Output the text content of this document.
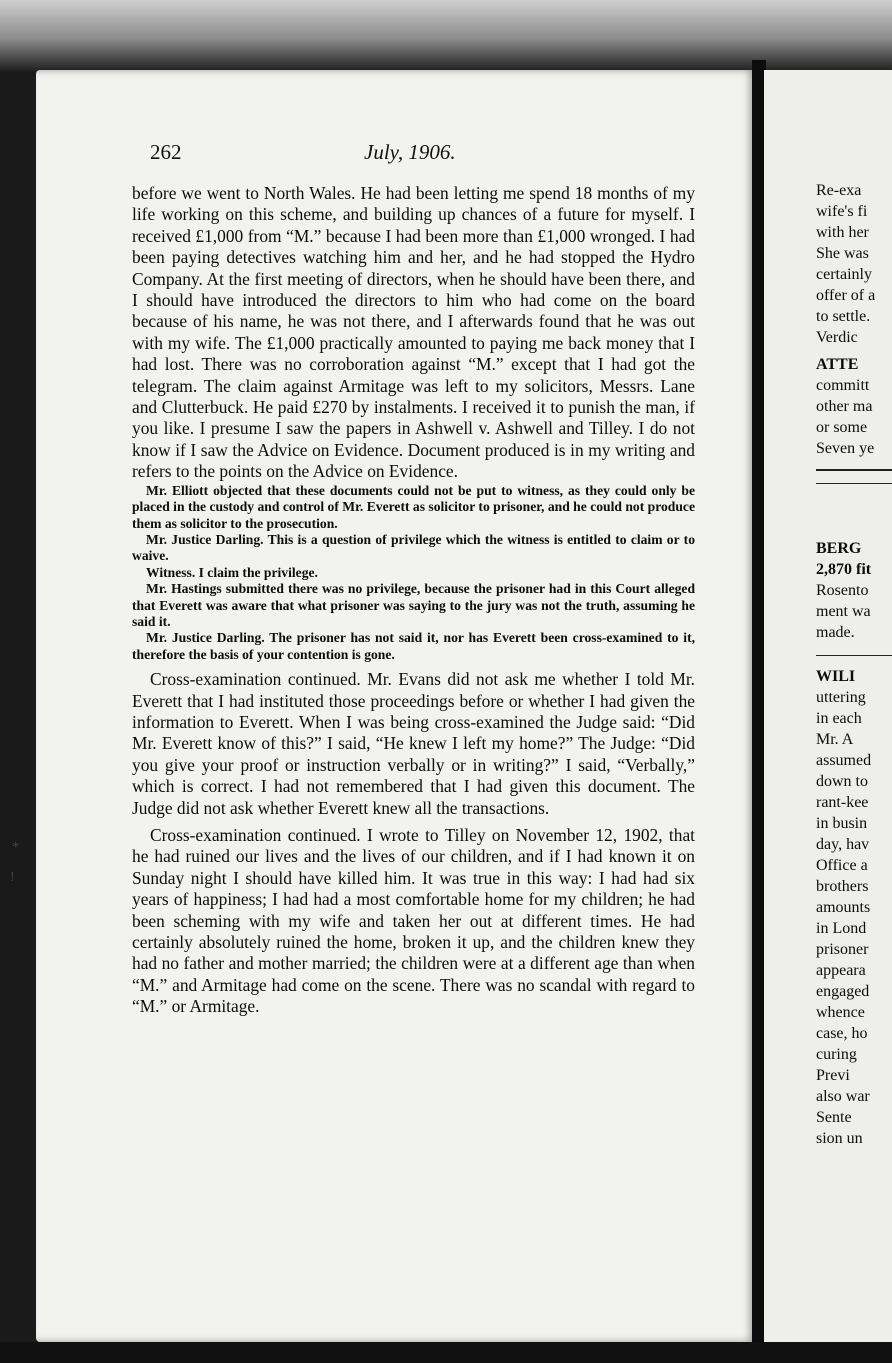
Re-exa
wife's fi
with her
She was
certainly
offer of a
to settle.
Verdic
ATTE
committ
other ma
or some
Seven ye
BERG
2,870 fit
Rosento
ment wa
made.
WILI
uttering
in each
Mr. A
assumed
down to
rant-kee
in busin
day, hav
Office a
brothers
amounts
in Lond
prisoner
appeara
engaged
whence
case, ho
curing
Previ
also war
Sente
sion un
262	July, 1906.

before we went to North Wales. He had been letting me spend 18 months of my life working on this scheme, and building up chances of a future for myself. I received £1,000 from “M.” because I had been more than £1,000 wronged. I had been paying detectives watching him and her, and he had stopped the Hydro Company. At the first meeting of directors, when he should have been there, and I should have introduced the directors to him who had come on the board because of his name, he was not there, and I afterwards found that he was out with my wife. The £1,000 practically amounted to paying me back money that I had lost. There was no corroboration against “M.” except that I had got the telegram. The claim against Armitage was left to my solicitors, Messrs. Lane and Clutterbuck. He paid £270 by instalments. I received it to punish the man, if you like. I presume I saw the papers in Ashwell v. Ashwell and Tilley. I do not know if I saw the Advice on Evidence. Document produced is in my writing and refers to the points on the Advice on Evidence.

Mr. Elliott objected that these documents could not be put to witness, as they could only be placed in the custody and control of Mr. Everett as solicitor to prisoner, and he could not produce them as solicitor to the prosecution.

Mr. Justice Darling. This is a question of privilege which the witness is entitled to claim or to waive.

Witness. I claim the privilege.

Mr. Hastings submitted there was no privilege, because the prisoner had in this Court alleged that Everett was aware that what prisoner was saying to the jury was not the truth, assuming he said it.

Mr. Justice Darling. The prisoner has not said it, nor has Everett been cross-examined to it, therefore the basis of your contention is gone.

Cross-examination continued. Mr. Evans did not ask me whether I told Mr. Everett that I had instituted those proceedings before or whether I had given the information to Everett. When I was being cross-examined the Judge said: “Did Mr. Everett know of this?” I said, “He knew I left my home?” The Judge: “Did you give your proof or instruction verbally or in writing?” I said, “Verbally,” which is correct. I had not remembered that I had given this document. The Judge did not ask whether Everett knew all the transactions.

Cross-examination continued. I wrote to Tilley on November 12, 1902, that he had ruined our lives and the lives of our children, and if I had known it on Sunday night I should have killed him. It was true in this way: I had had six years of happiness; I had had a most comfortable home for my children; he had been scheming with my wife and taken her out at different times. He had certainly absolutely ruined the home, broken it up, and the children knew they had no father and mother married; the children were at a different age than when “M.” and Armitage had come on the scene. There was no scandal with regard to “M.” or Armitage.

*
!
